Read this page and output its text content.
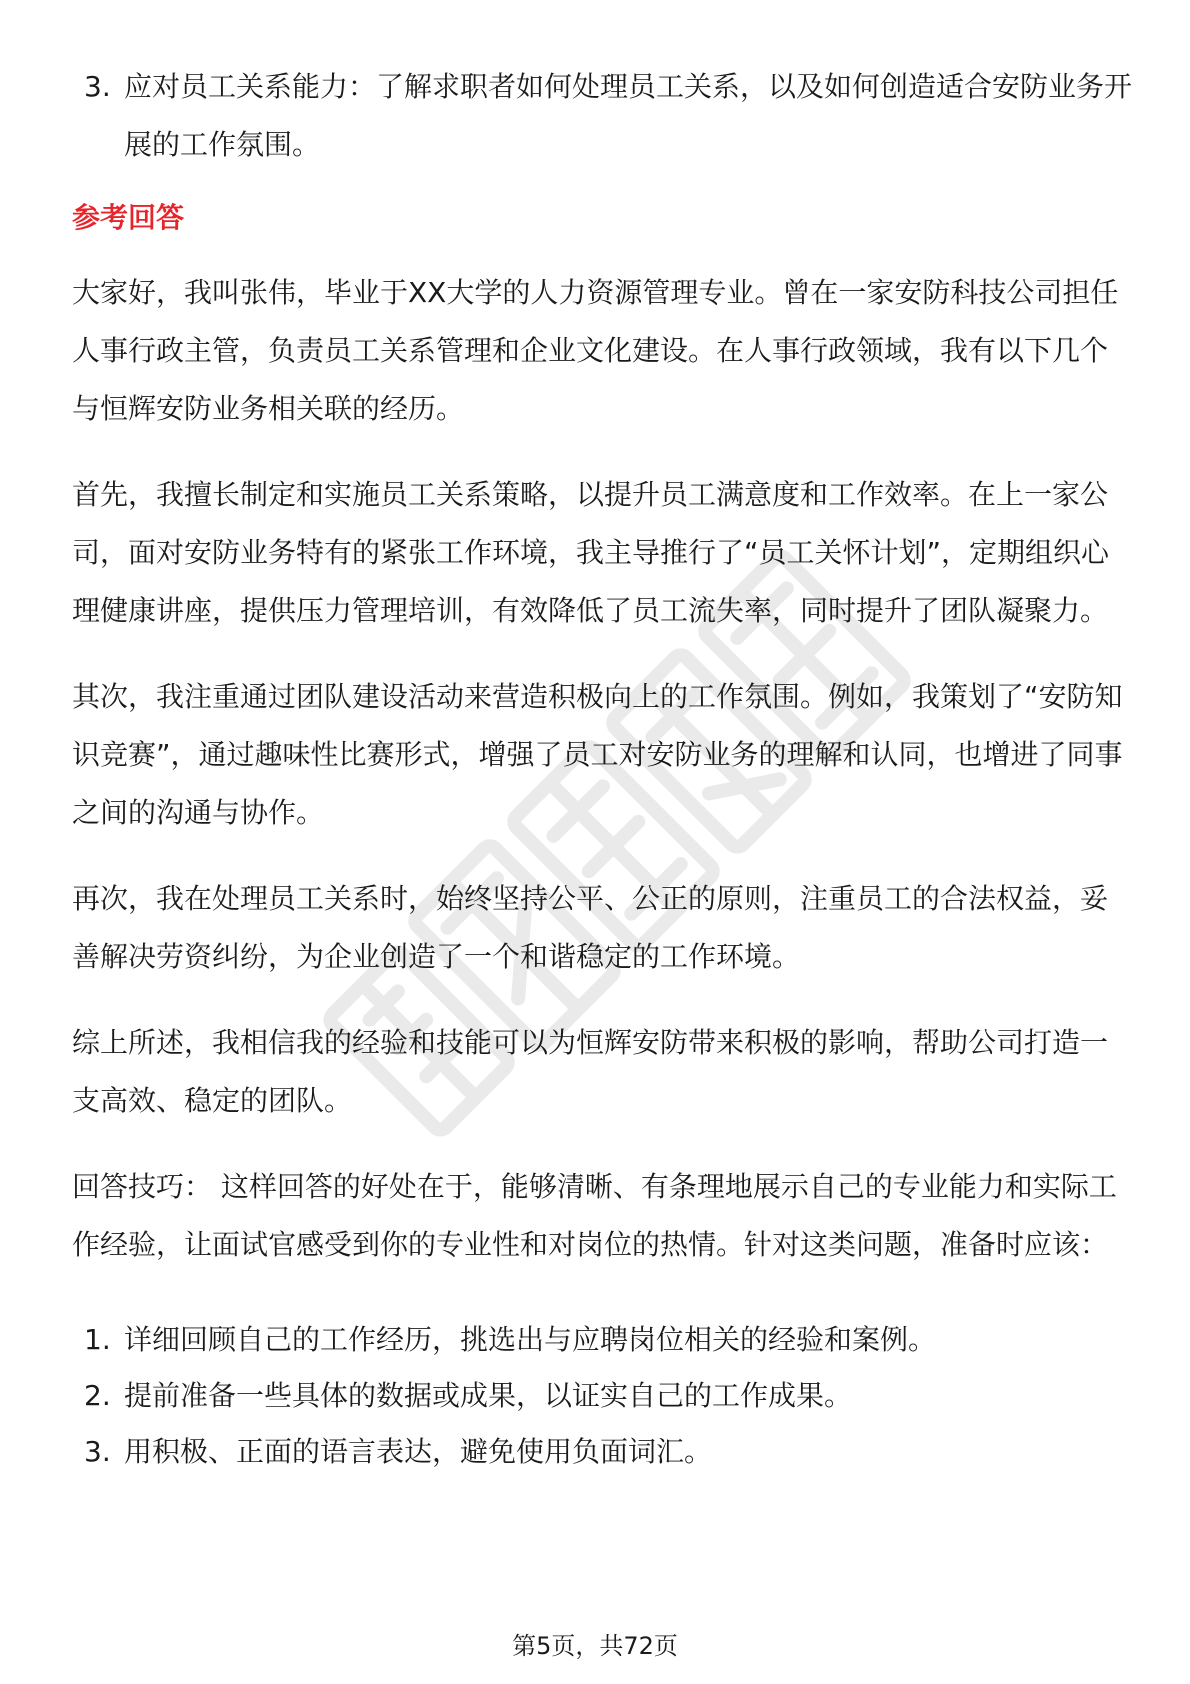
3. 应对员工关系能力：了解求职者如何处理员工关系，以及如何创造适合安防业务开展的工作氛围。

参考回答

大家好，我叫张伟，毕业于XX大学的人力资源管理专业。曾在一家安防科技公司担任人事行政主管，负责员工关系管理和企业文化建设。在人事行政领域，我有以下几个与恒辉安防业务相关联的经历。

首先，我擅长制定和实施员工关系策略，以提升员工满意度和工作效率。在上一家公司，面对安防业务特有的紧张工作环境，我主导推行了“员工关怀计划”，定期组织心理健康讲座，提供压力管理培训，有效降低了员工流失率，同时提升了团队凝聚力。

其次，我注重通过团队建设活动来营造积极向上的工作氛围。例如，我策划了“安防知识竞赛”，通过趣味性比赛形式，增强了员工对安防业务的理解和认同，也增进了同事之间的沟通与协作。

再次，我在处理员工关系时，始终坚持公平、公正的原则，注重员工的合法权益，妥善解决劳资纠纷，为企业创造了一个和谐稳定的工作环境。

综上所述，我相信我的经验和技能可以为恒辉安防带来积极的影响，帮助公司打造一支高效、稳定的团队。

回答技巧： 这样回答的好处在于，能够清晰、有条理地展示自己的专业能力和实际工作经验，让面试官感受到你的专业性和对岗位的热情。针对这类问题，准备时应该：

1. 详细回顾自己的工作经历，挑选出与应聘岗位相关的经验和案例。

2. 提前准备一些具体的数据或成果，以证实自己的工作成果。

3. 用积极、正面的语言表达，避免使用负面词汇。

第5页，共72页
